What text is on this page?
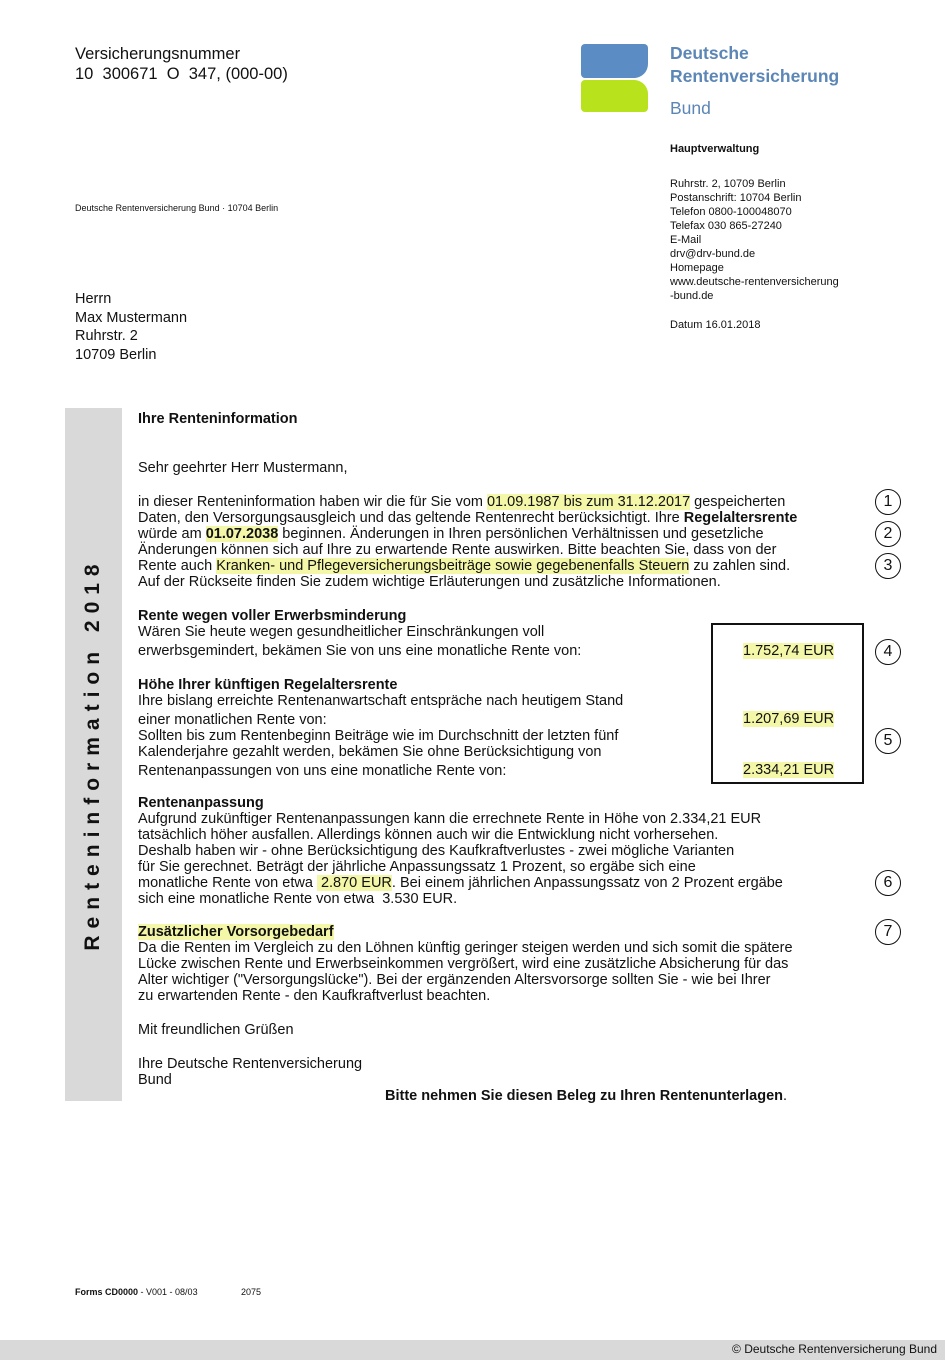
Versicherungsnummer
10  300671  O  347, (000-00)
Deutsche
Rentenversicherung
Bund
Hauptverwaltung
Ruhrstr. 2, 10709 Berlin
Postanschrift: 10704 Berlin
Telefon 0800-100048070
Telefax 030 865-27240
E-Mail
drv@drv-bund.de
Homepage
www.deutsche-rentenversicherung
-bund.de
Datum 16.01.2018
Deutsche Rentenversicherung Bund · 10704 Berlin
Herrn
Max Mustermann
Ruhrstr. 2
10709 Berlin
Renteninformation 2018
Ihre Renteninformation
Sehr geehrter Herr Mustermann,
in dieser Renteninformation haben wir die für Sie vom 01.09.1987 bis zum 31.12.2017 gespeicherten
Daten, den Versorgungsausgleich und das geltende Rentenrecht berücksichtigt. Ihre Regelaltersrente
würde am 01.07.2038 beginnen. Änderungen in Ihren persönlichen Verhältnissen und gesetzliche
Änderungen können sich auf Ihre zu erwartende Rente auswirken. Bitte beachten Sie, dass von der
Rente auch Kranken- und Pflegeversicherungsbeiträge sowie gegebenenfalls Steuern zu zahlen sind.
Auf der Rückseite finden Sie zudem wichtige Erläuterungen und zusätzliche Informationen.
Rente wegen voller Erwerbsminderung
Wären Sie heute wegen gesundheitlicher Einschränkungen voll
erwerbsgemindert, bekämen Sie von uns eine monatliche Rente von:	1.752,74 EUR
Höhe Ihrer künftigen Regelaltersrente
Ihre bislang erreichte Rentenanwartschaft entspräche nach heutigem Stand
einer monatlichen Rente von:
Sollten bis zum Rentenbeginn Beiträge wie im Durchschnitt der letzten fünf
Kalenderjahre gezahlt werden, bekämen Sie ohne Berücksichtigung von
Rentenanpassungen von uns eine monatliche Rente von:
1.207,69 EUR
2.334,21 EUR
Rentenanpassung
Aufgrund zukünftiger Rentenanpassungen kann die errechnete Rente in Höhe von 2.334,21 EUR
tatsächlich höher ausfallen. Allerdings können auch wir die Entwicklung nicht vorhersehen.
Deshalb haben wir - ohne Berücksichtigung des Kaufkraftverlustes - zwei mögliche Varianten
für Sie gerechnet. Beträgt der jährliche Anpassungssatz 1 Prozent, so ergäbe sich eine
monatliche Rente von etwa  2.870 EUR. Bei einem jährlichen Anpassungssatz von 2 Prozent ergäbe
sich eine monatliche Rente von etwa  3.530 EUR.
Zusätzlicher Vorsorgebedarf
Da die Renten im Vergleich zu den Löhnen künftig geringer steigen werden und sich somit die spätere
Lücke zwischen Rente und Erwerbseinkommen vergrößert, wird eine zusätzliche Absicherung für das
Alter wichtiger ("Versorgungslücke"). Bei der ergänzenden Altersvorsorge sollten Sie - wie bei Ihrer
zu erwartenden Rente - den Kaufkraftverlust beachten.
Mit freundlichen Grüßen
Ihre Deutsche Rentenversicherung
Bund
Bitte nehmen Sie diesen Beleg zu Ihren Rentenunterlagen.
1
2
3
4
5
6
7
Forms CD0000 - V001 - 08/03	2075
© Deutsche Rentenversicherung Bund
